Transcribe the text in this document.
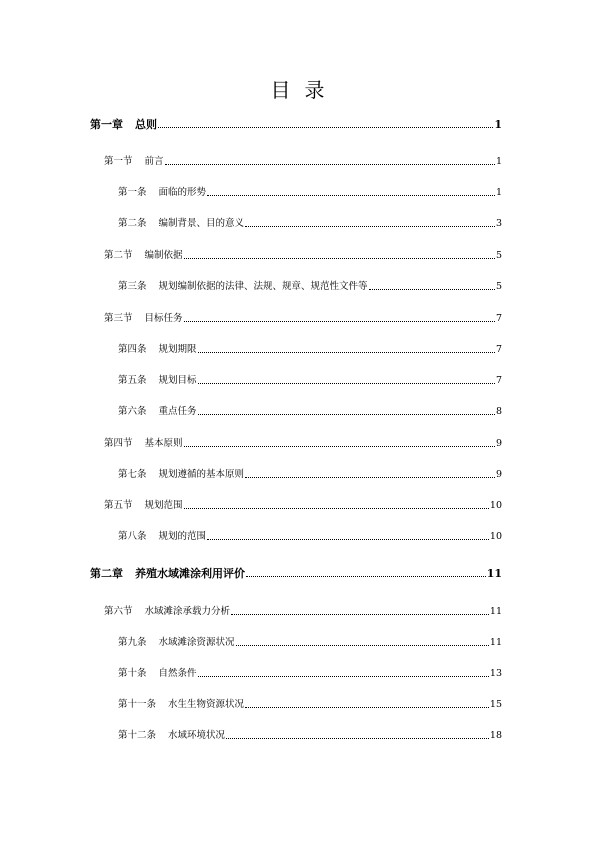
目录
第一章 总则	1
第一节 前言	1
第一条 面临的形势	1
第二条 编制背景、目的意义	3
第二节 编制依据	5
第三条 规划编制依据的法律、法规、规章、规范性文件等	5
第三节 目标任务	7
第四条 规划期限	7
第五条 规划目标	7
第六条 重点任务	8
第四节 基本原则	9
第七条 规划遵循的基本原则	9
第五节 规划范围	10
第八条 规划的范围	10
第二章 养殖水域滩涂利用评价	11
第六节 水域滩涂承载力分析	11
第九条 水域滩涂资源状况	11
第十条 自然条件	13
第十一条 水生生物资源状况	15
第十二条 水域环境状况	18
